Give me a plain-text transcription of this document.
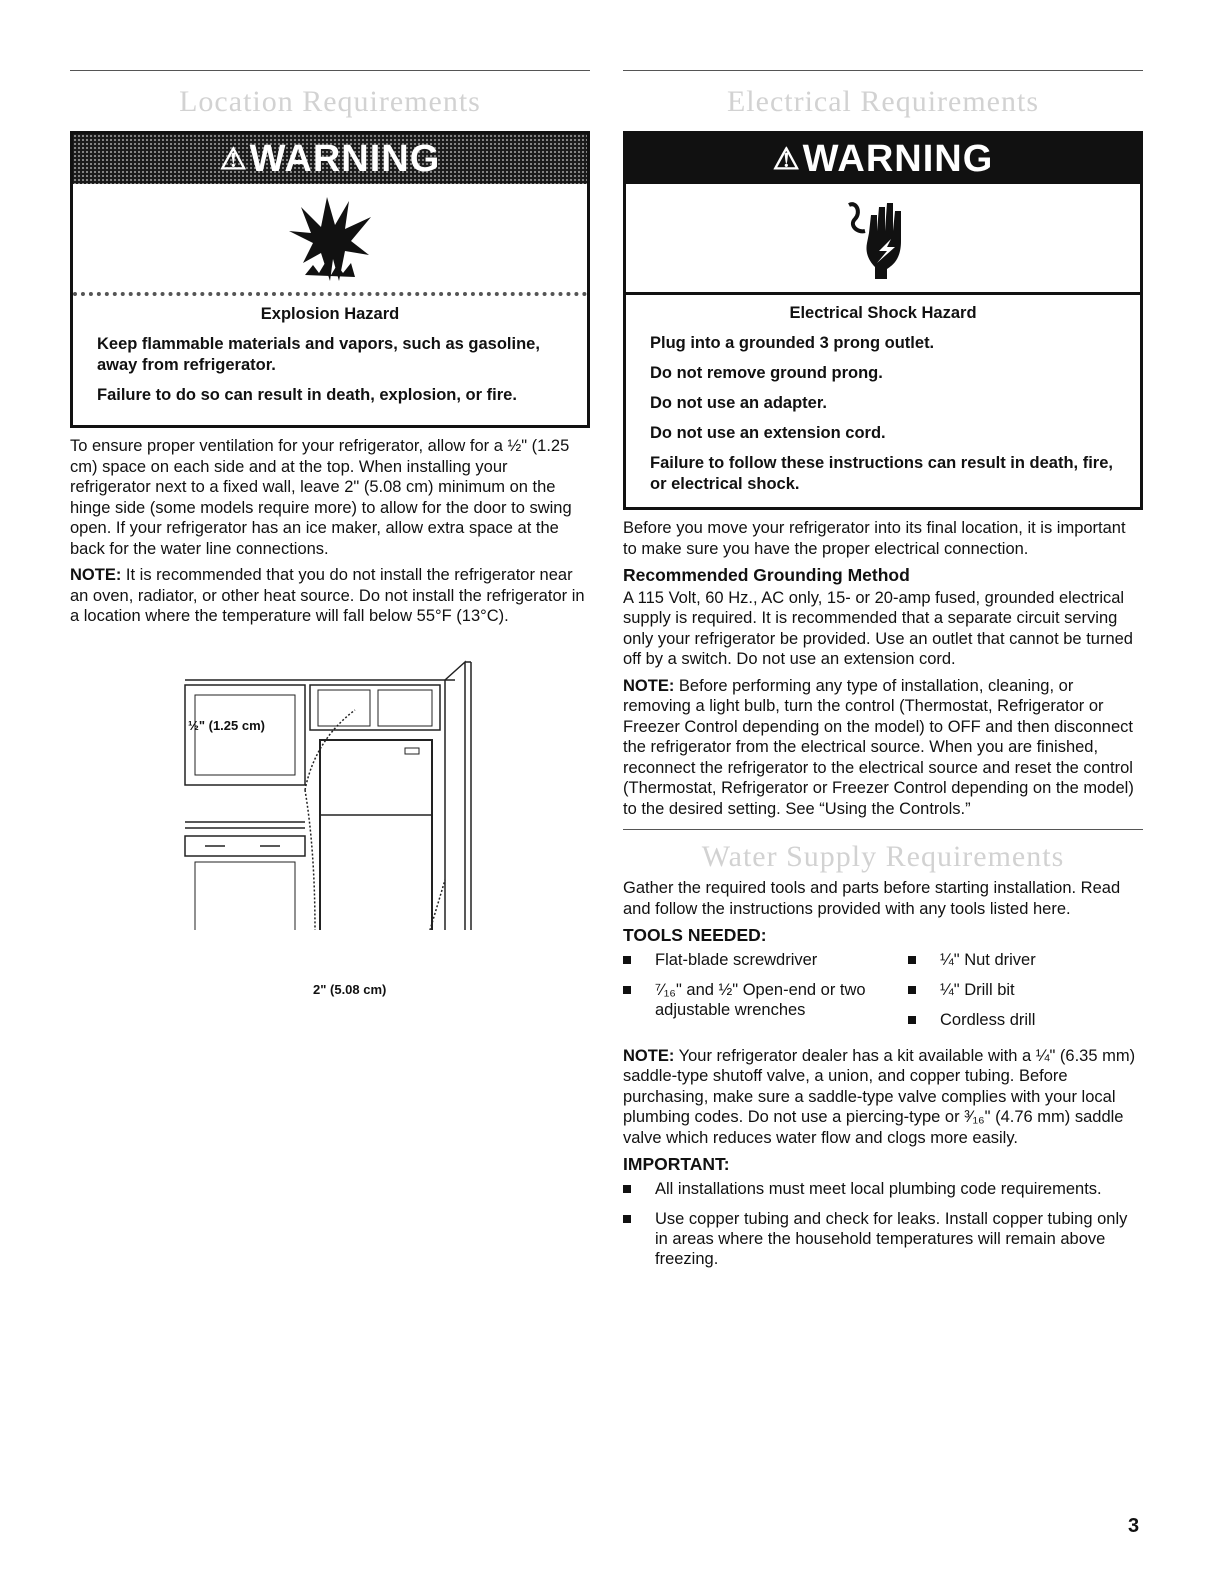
Location Requirements
⚠ WARNING
Explosion Hazard

Keep flammable materials and vapors, such as gasoline, away from refrigerator.

Failure to do so can result in death, explosion, or fire.

To ensure proper ventilation for your refrigerator, allow for a ½" (1.25 cm) space on each side and at the top. When installing your refrigerator next to a fixed wall, leave 2" (5.08 cm) minimum on the hinge side (some models require more) to allow for the door to swing open. If your refrigerator has an ice maker, allow extra space at the back for the water line connections.

NOTE: It is recommended that you do not install the refrigerator near an oven, radiator, or other heat source. Do not install the refrigerator in a location where the temperature will fall below 55°F (13°C).

½" (1.25 cm)
2" (5.08 cm)
Electrical Requirements
⚠ WARNING
Electrical Shock Hazard

Plug into a grounded 3 prong outlet.

Do not remove ground prong.

Do not use an adapter.

Do not use an extension cord.

Failure to follow these instructions can result in death, fire, or electrical shock.

Before you move your refrigerator into its final location, it is important to make sure you have the proper electrical connection.

Recommended Grounding Method

A 115 Volt, 60 Hz., AC only, 15- or 20-amp fused, grounded electrical supply is required. It is recommended that a separate circuit serving only your refrigerator be provided. Use an outlet that cannot be turned off by a switch. Do not use an extension cord.

NOTE: Before performing any type of installation, cleaning, or removing a light bulb, turn the control (Thermostat, Refrigerator or Freezer Control depending on the model) to OFF and then disconnect the refrigerator from the electrical source. When you are finished, reconnect the refrigerator to the electrical source and reset the control (Thermostat, Refrigerator or Freezer Control depending on the model) to the desired setting. See “Using the Controls.”

Water Supply Requirements

Gather the required tools and parts before starting installation. Read and follow the instructions provided with any tools listed here.

TOOLS NEEDED:
Flat-blade screwdriver
⁷⁄₁₆" and ½" Open-end or two adjustable wrenches
¼" Nut driver
¼" Drill bit
Cordless drill

NOTE: Your refrigerator dealer has a kit available with a ¼" (6.35 mm) saddle-type shutoff valve, a union, and copper tubing. Before purchasing, make sure a saddle-type valve complies with your local plumbing codes. Do not use a piercing-type or ³⁄₁₆" (4.76 mm) saddle valve which reduces water flow and clogs more easily.

IMPORTANT:
All installations must meet local plumbing code requirements.
Use copper tubing and check for leaks. Install copper tubing only in areas where the household temperatures will remain above freezing.
3
